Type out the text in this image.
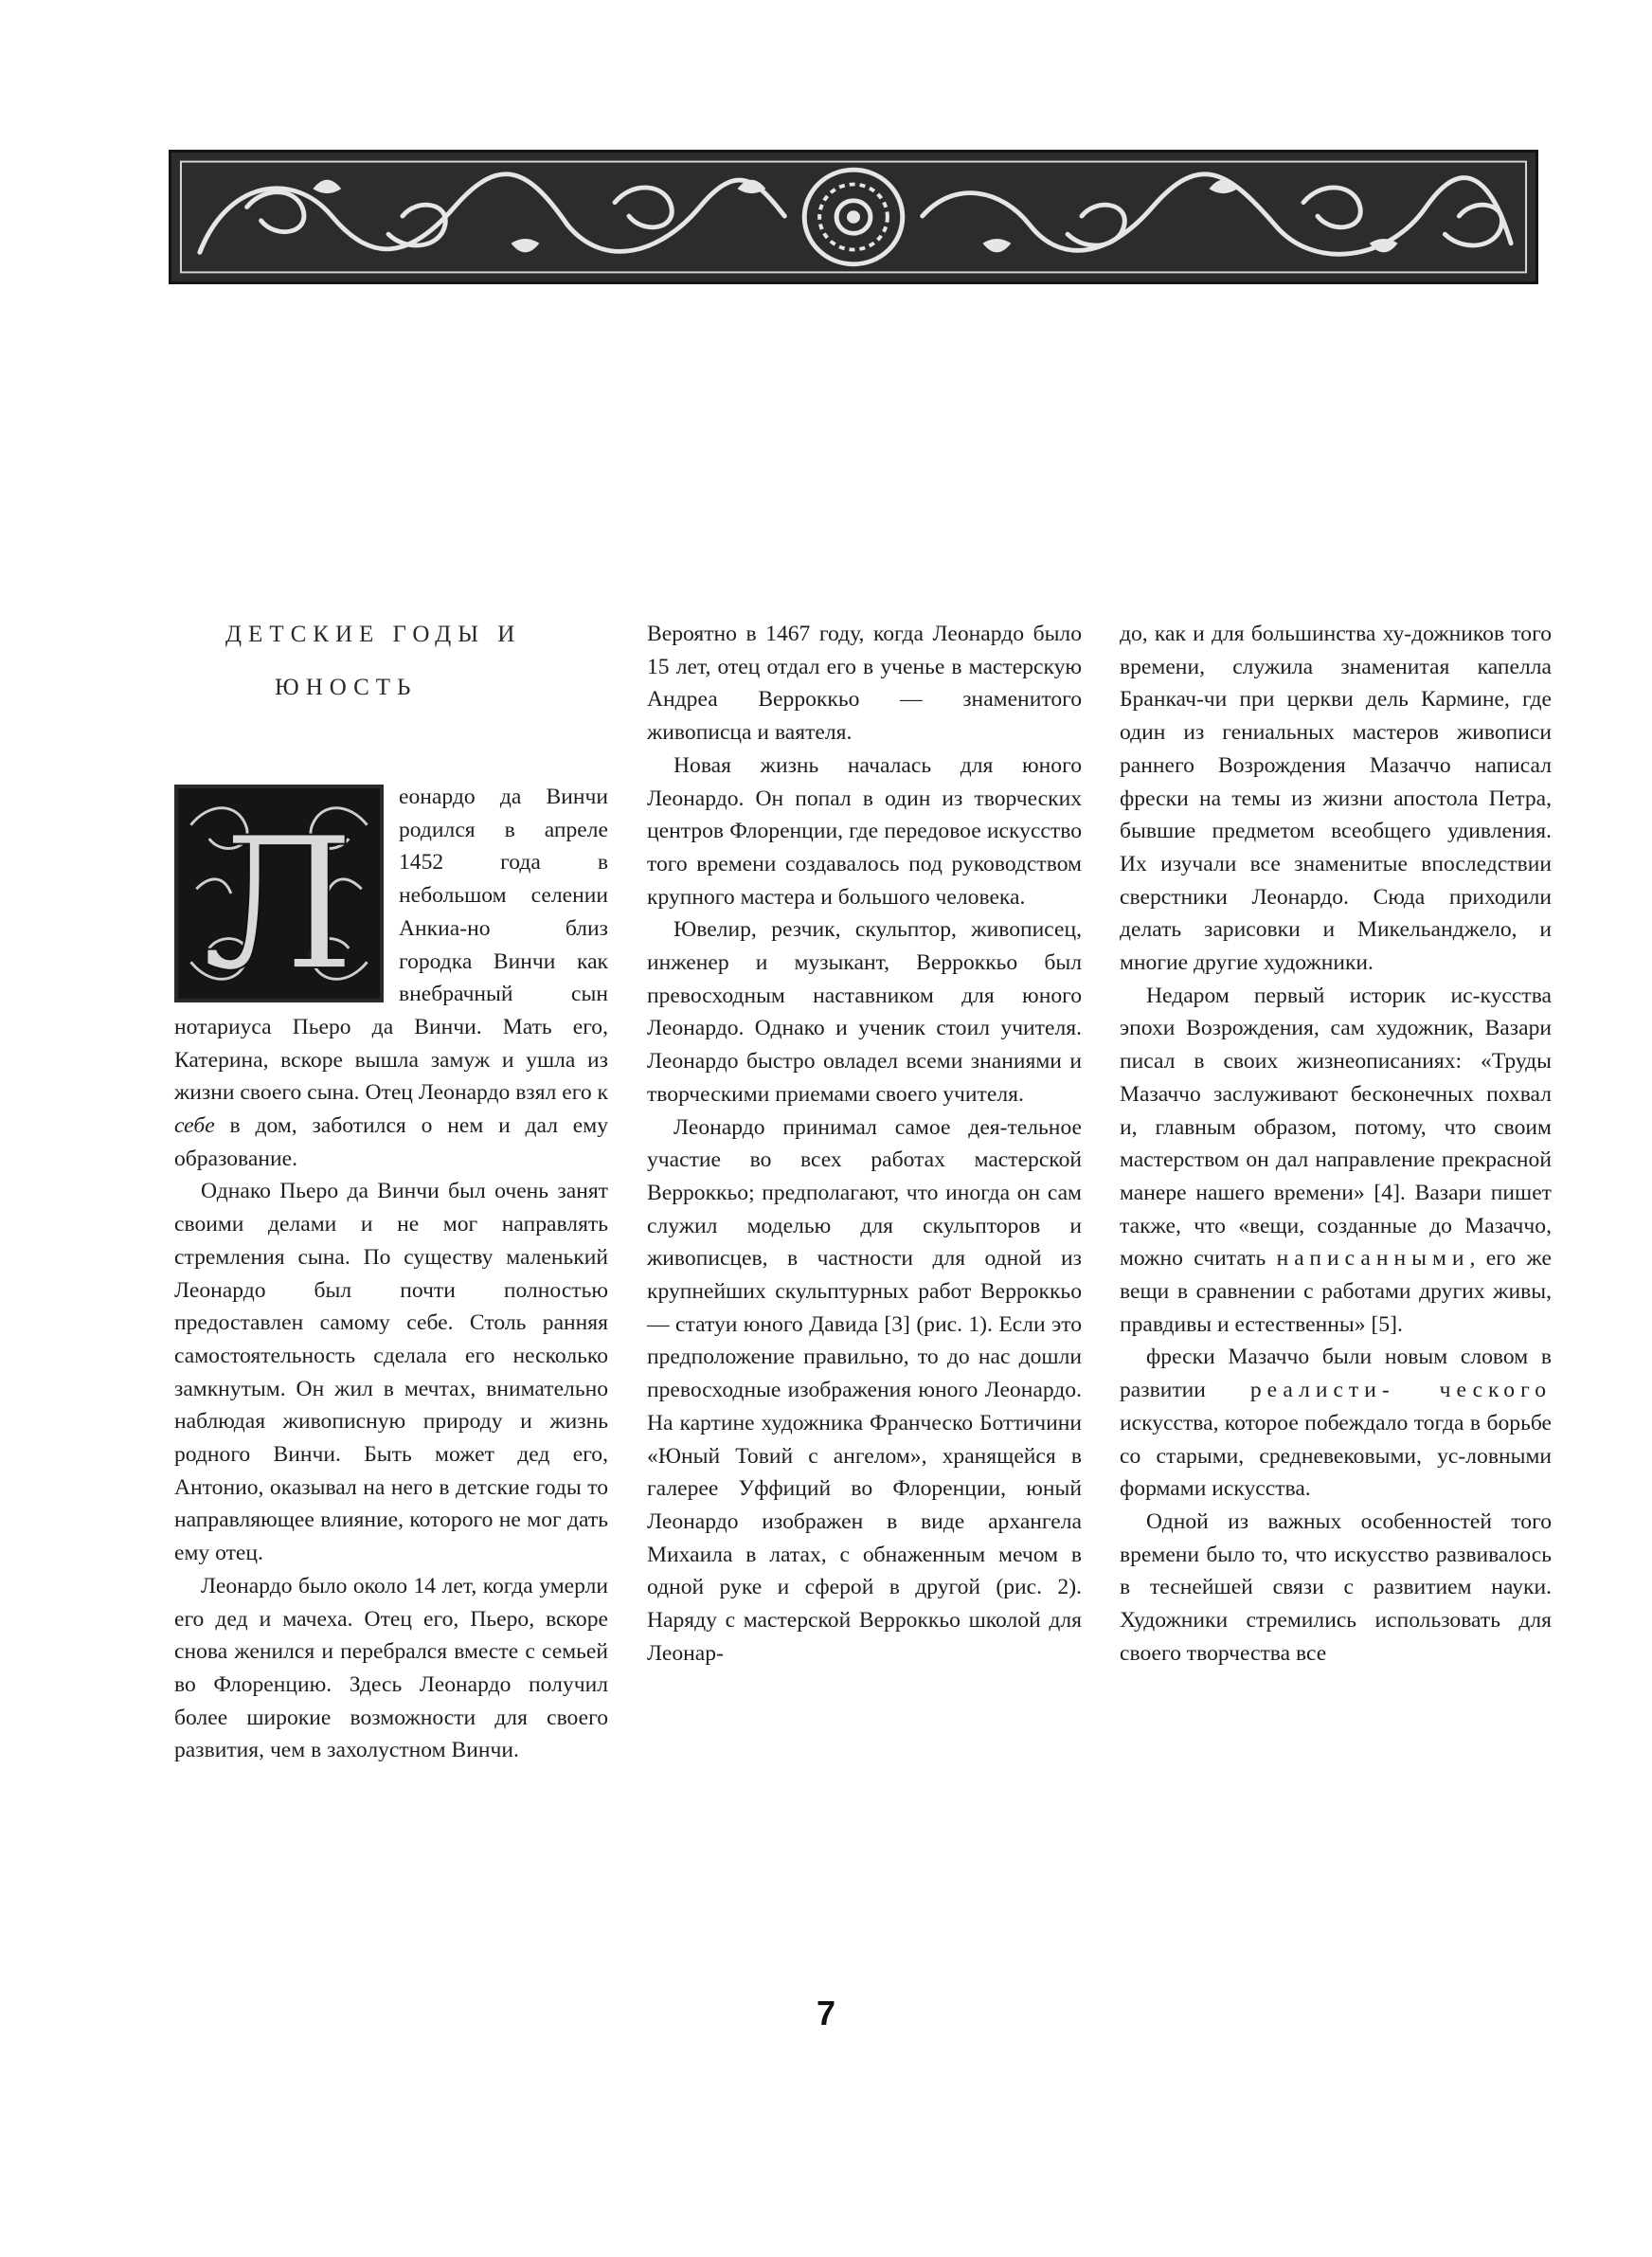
ДЕТСКИЕ ГОДЫ И
ЮНОСТЬ
Л

еонардо да Винчи родился в апреле 1452 года в небольшом селении Анкиа-но близ городка Винчи как внебрачный сын нотариуса Пьеро да Винчи. Мать его, Катерина, вскоре вышла замуж и ушла из жизни своего сына. Отец Леонардо взял его к себе в дом, заботился о нем и дал ему образование.

Однако Пьеро да Винчи был очень занят своими делами и не мог направлять стремления сына. По существу маленький Леонардо был почти полностью предоставлен самому себе. Столь ранняя самостоятельность сделала его несколько замкнутым. Он жил в мечтах, внимательно наблюдая живописную природу и жизнь родного Винчи. Быть может дед его, Антонио, оказывал на него в детские годы то направляющее влияние, которого не мог дать ему отец.

Леонардо было около 14 лет, когда умерли его дед и мачеха. Отец его, Пьеро, вскоре снова женился и перебрался вместе с семьей во Флоренцию. Здесь Леонардо получил более широкие возможности для своего развития, чем в захолустном Винчи.

Вероятно в 1467 году, когда Леонардо было 15 лет, отец отдал его в ученье в мастерскую Андреа Верроккьо — знаменитого живописца и ваятеля.

Новая жизнь началась для юного Леонардо. Он попал в один из творческих центров Флоренции, где передовое искусство того времени создавалось под руководством крупного мастера и большого человека.

Ювелир, резчик, скульптор, живописец, инженер и музыкант, Верроккьо был превосходным наставником для юного Леонардо. Однако и ученик стоил учителя. Леонардо быстро овладел всеми знаниями и творческими приемами своего учителя.

Леонардо принимал самое дея-тельное участие во всех работах мастерской Верроккьо; предполагают, что иногда он сам служил моделью для скульпторов и живописцев, в частности для одной из крупнейших скульптурных работ Верроккьо — статуи юного Давида [3] (рис. 1). Если это предположение правильно, то до нас дошли превосходные изображения юного Леонардо. На картине художника Франческо Боттичини «Юный Товий с ангелом», хранящейся в галерее Уффиций во Флоренции, юный Леонардо изображен в виде архангела Михаила в латах, с обнаженным мечом в одной руке и сферой в другой (рис. 2). Наряду с мастерской Верроккьо школой для Леонар-

до, как и для большинства ху-дожников того времени, служила знаменитая капелла Бранкач-чи при церкви дель Кармине, где один из гениальных мастеров живописи раннего Возрождения Мазаччо написал фрески на темы из жизни апостола Петра, бывшие предметом всеобщего удивления. Их изучали все знаменитые впоследствии сверстники Леонардо. Сюда приходили делать зарисовки и Микельанджело, и многие другие художники.

Недаром первый историк ис-кусства эпохи Возрождения, сам художник, Вазари писал в своих жизнеописаниях: «Труды Мазаччо заслуживают бесконечных похвал и, главным образом, потому, что своим мастерством он дал направление прекрасной манере нашего времени» [4]. Вазари пишет также, что «вещи, созданные до Мазаччо, можно считать написанными, его же вещи в сравнении с работами других живы, правдивы и естественны» [5].

фрески Мазаччо были новым словом в развитии реалисти- ческого искусства, которое побеждало тогда в борьбе со старыми, средневековыми, ус-ловными формами искусства.

Одной из важных особенностей того времени было то, что искусство развивалось в теснейшей связи с развитием науки. Художники стремились использовать для своего творчества все

7
